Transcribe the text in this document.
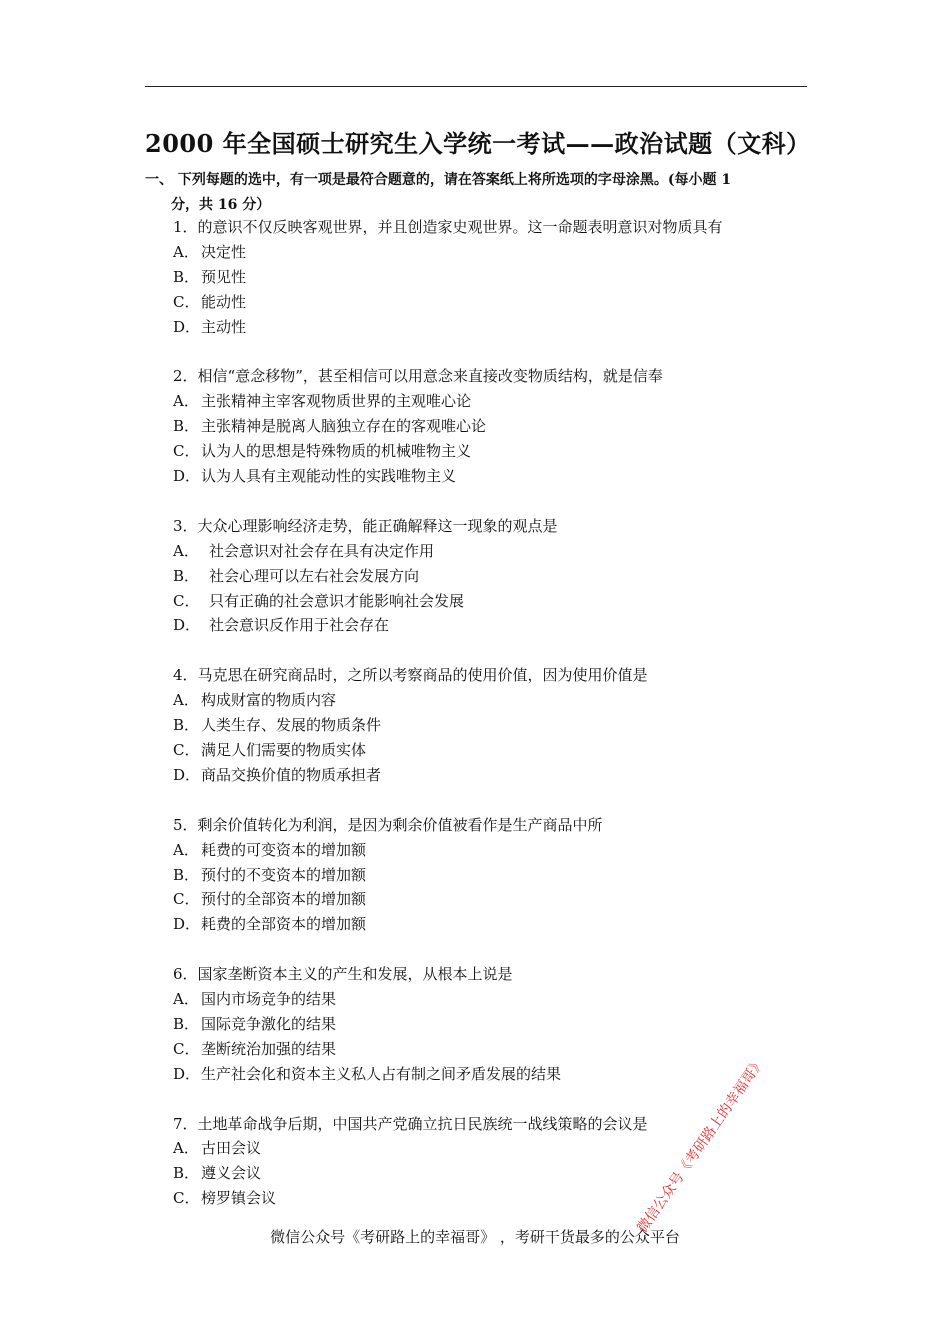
2000 年全国硕士研究生入学统一考试——政治试题（文科）
一、 下列每题的选中，有一项是最符合题意的，请在答案纸上将所选项的字母涂黑。(每小题 1
分，共 16 分）
1．的意识不仅反映客观世界，并且创造家史观世界。这一命题表明意识对物质具有
A． 决定性
B． 预见性
C． 能动性
D．主动性
2．相信“意念移物”，甚至相信可以用意念来直接改变物质结构，就是信奉
A． 主张精神主宰客观物质世界的主观唯心论
B． 主张精神是脱离人脑独立存在的客观唯心论
C． 认为人的思想是特殊物质的机械唯物主义
D．认为人具有主观能动性的实践唯物主义
3．大众心理影响经济走势，能正确解释这一现象的观点是
A． 社会意识对社会存在具有决定作用
B． 社会心理可以左右社会发展方向
C． 只有正确的社会意识才能影响社会发展
D． 社会意识反作用于社会存在
4．马克思在研究商品时，之所以考察商品的使用价值，因为使用价值是
A． 构成财富的物质内容
B． 人类生存、发展的物质条件
C． 满足人们需要的物质实体
D．商品交换价值的物质承担者
5．剩余价值转化为利润，是因为剩余价值被看作是生产商品中所
A． 耗费的可变资本的增加额
B． 预付的不变资本的增加额
C． 预付的全部资本的增加额
D．耗费的全部资本的增加额
6．国家垄断资本主义的产生和发展，从根本上说是
A． 国内市场竞争的结果
B． 国际竞争激化的结果
C． 垄断统治加强的结果
D．生产社会化和资本主义私人占有制之间矛盾发展的结果
7．土地革命战争后期，中国共产党确立抗日民族统一战线策略的会议是
A． 古田会议
B． 遵义会议
C． 榜罗镇会议	微信公众号《考研路上的幸福哥》
微信公众号《考研路上的幸福哥》 ，考研干货最多的公众平台
